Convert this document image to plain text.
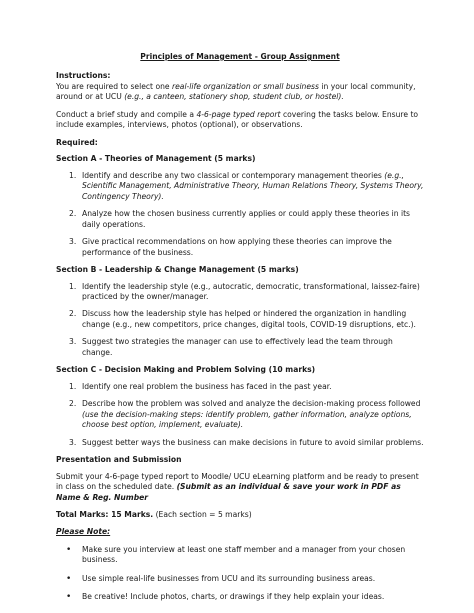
Principles of Management - Group Assignment

Instructions:

You are required to select one real-life organization or small business in your local community, around or at UCU (e.g., a canteen, stationery shop, student club, or hostel).

Conduct a brief study and compile a 4-6-page typed report covering the tasks below. Ensure to include examples, interviews, photos (optional), or observations.

Required:

Section A - Theories of Management (5 marks)

1. Identify and describe any two classical or contemporary management theories (e.g., Scientific Management, Administrative Theory, Human Relations Theory, Systems Theory, Contingency Theory).
2. Analyze how the chosen business currently applies or could apply these theories in its daily operations.
3. Give practical recommendations on how applying these theories can improve the performance of the business.

Section B - Leadership & Change Management (5 marks)

1. Identify the leadership style (e.g., autocratic, democratic, transformational, laissez-faire) practiced by the owner/manager.
2. Discuss how the leadership style has helped or hindered the organization in handling change (e.g., new competitors, price changes, digital tools, COVID-19 disruptions, etc.).
3. Suggest two strategies the manager can use to effectively lead the team through change.

Section C - Decision Making and Problem Solving (10 marks)

1. Identify one real problem the business has faced in the past year.
2. Describe how the problem was solved and analyze the decision-making process followed (use the decision-making steps: identify problem, gather information, analyze options, choose best option, implement, evaluate).
3. Suggest better ways the business can make decisions in future to avoid similar problems.

Presentation and Submission

Submit your 4-6-page typed report to Moodle/ UCU eLearning platform and be ready to present in class on the scheduled date. (Submit as an individual & save your work in PDF as Name & Reg. Number

Total Marks: 15 Marks. (Each section = 5 marks)

Please Note:

• Make sure you interview at least one staff member and a manager from your chosen business.
• Use simple real-life businesses from UCU and its surrounding business areas.
• Be creative! Include photos, charts, or drawings if they help explain your ideas.
